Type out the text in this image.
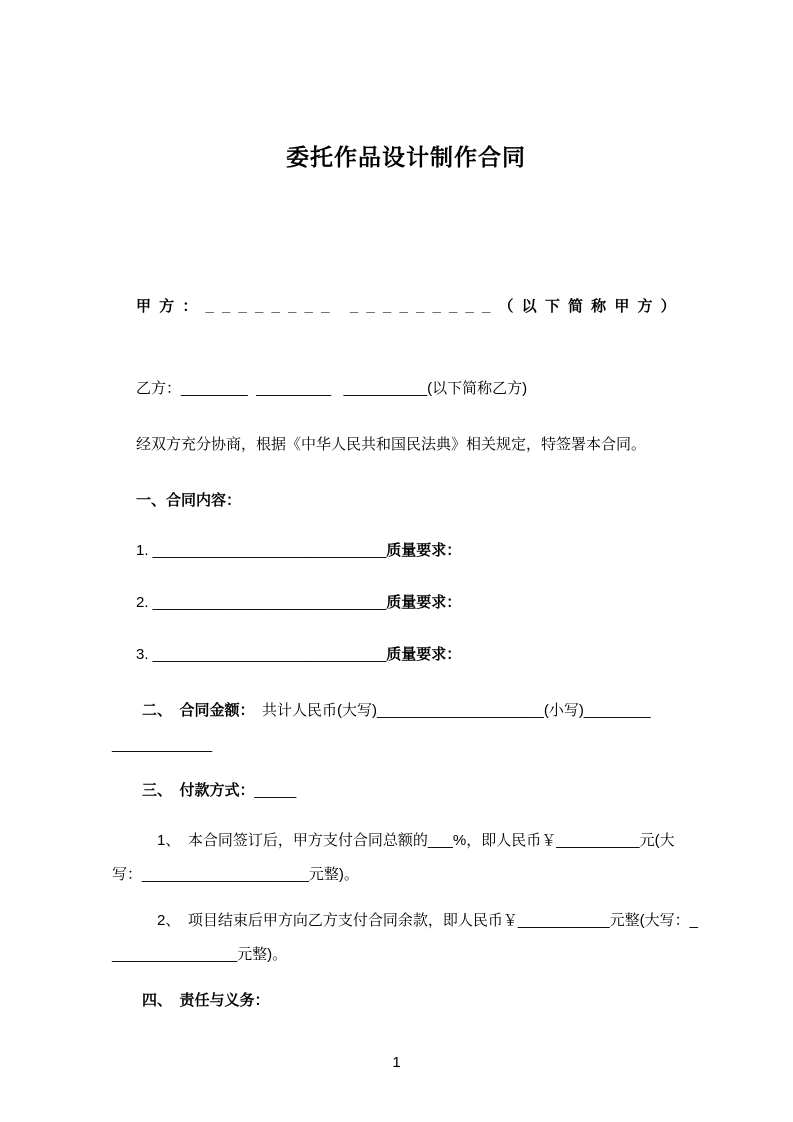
委托作品设计制作合同

甲 方 ： _ _ _ _ _ _ _ _   _ _ _ _ _ _ _ _ _ （ 以 下 简 称 甲 方 ）

乙方：________  _________   __________(以下简称乙方)

经双方充分协商，根据《中华人民共和国民法典》相关规定，特签署本合同。

一、合同内容：

1. ____________________________质量要求：

2. ____________________________质量要求：

3. ____________________________质量要求：

二、　合同金额：　共计人民币(大写)____________________(小写)________
____________

三、　付款方式：_____

1、　本合同签订后，甲方支付合同总额的___%，即人民币￥__________元(大写：____________________元整)。

2、　项目结束后甲方向乙方支付合同余款，即人民币￥___________元整(大写：________________元整)。

四、　责任与义务：

1
